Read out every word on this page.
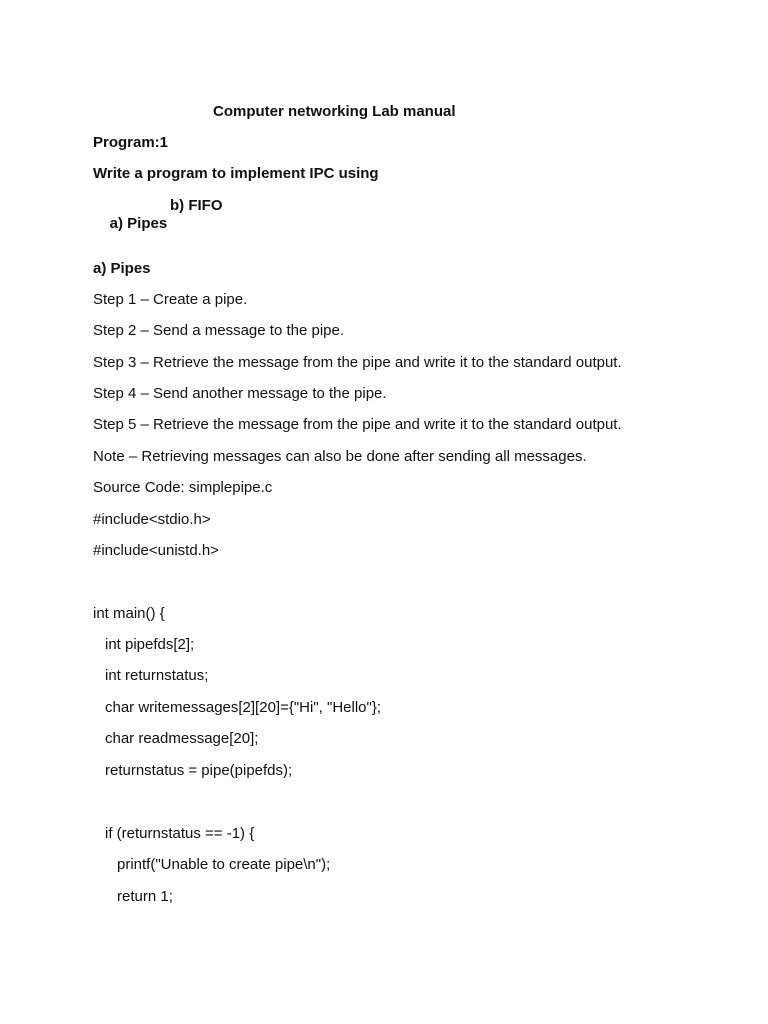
Computer networking Lab manual
Program:1
Write a program to implement IPC using

a) Pipes

b) FIFO

a) Pipes
Step 1 – Create a pipe.
Step 2 – Send a message to the pipe.
Step 3 – Retrieve the message from the pipe and write it to the standard output.
Step 4 – Send another message to the pipe.
Step 5 – Retrieve the message from the pipe and write it to the standard output.
Note – Retrieving messages can also be done after sending all messages.
Source Code: simplepipe.c
#include<stdio.h>
#include<unistd.h>
int main() {
int pipefds[2];
int returnstatus;
char writemessages[2][20]={"Hi", "Hello"};
char readmessage[20];
returnstatus = pipe(pipefds);
if (returnstatus == -1) {
printf("Unable to create pipe\n");
return 1;
